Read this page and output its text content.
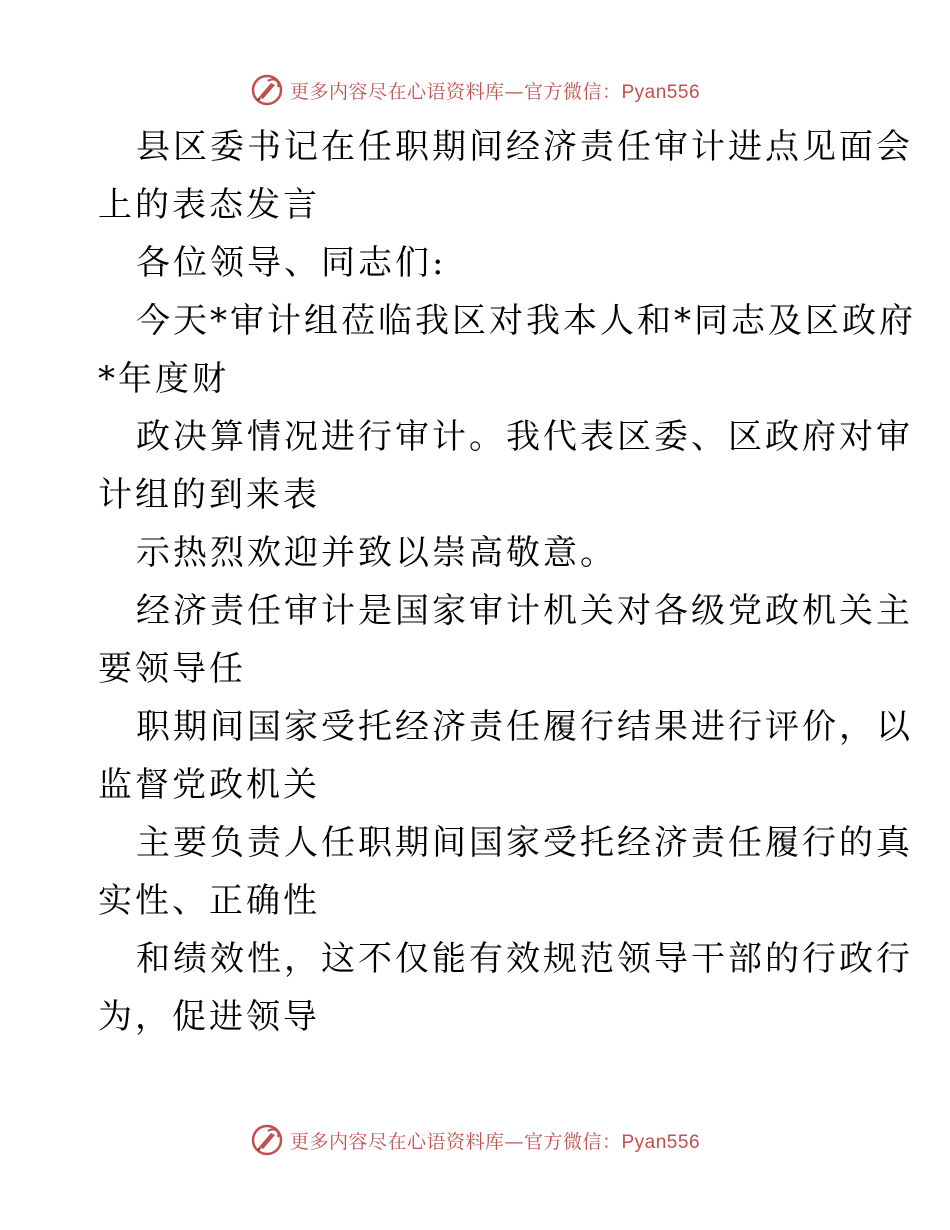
更多内容尽在心语资料库—官方微信：Pyan556
县区委书记在任职期间经济责任审计进点见面会
上的表态发言
各位领导、同志们:
今天*审计组莅临我区对我本人和*同志及区政府
*年度财
政决算情况进行审计。我代表区委、区政府对审
计组的到来表
示热烈欢迎并致以崇高敬意。
经济责任审计是国家审计机关对各级党政机关主
要领导任
职期间国家受托经济责任履行结果进行评价，以
监督党政机关
主要负责人任职期间国家受托经济责任履行的真
实性、正确性
和绩效性，这不仅能有效规范领导干部的行政行
为，促进领导
更多内容尽在心语资料库—官方微信：Pyan556
